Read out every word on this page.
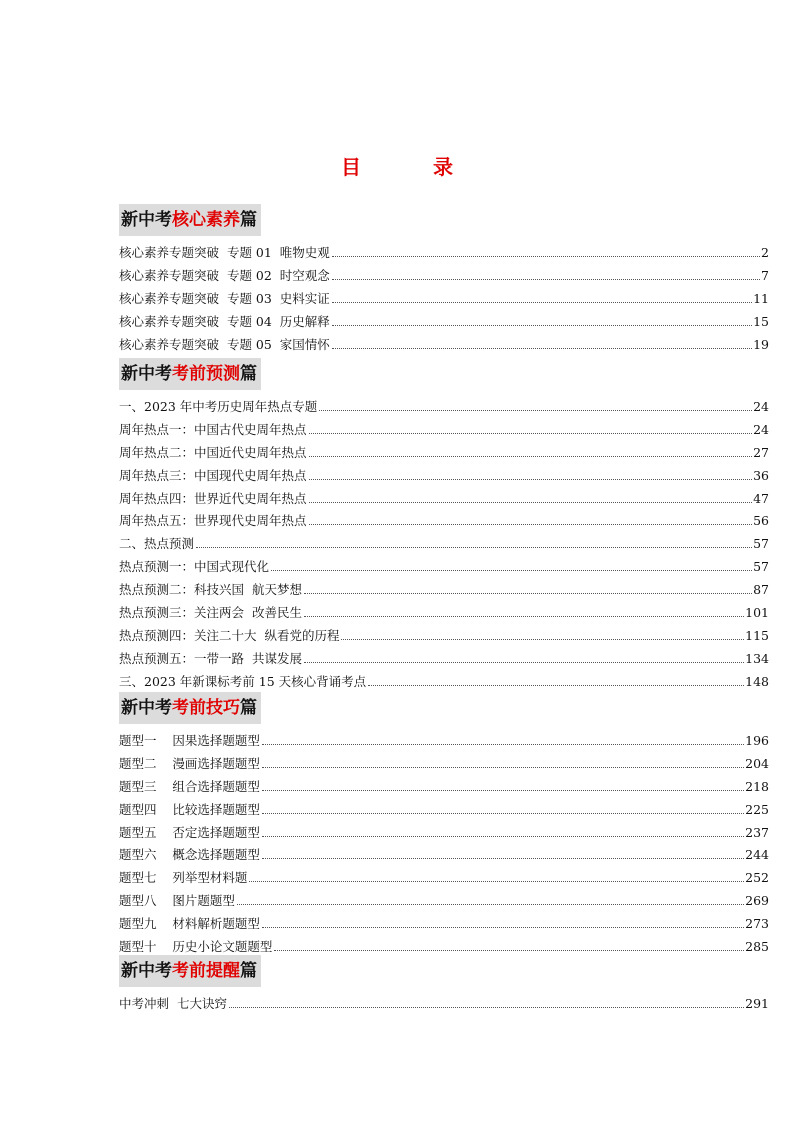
目　录
新中考核心素养篇
核心素养专题突破  专题 01  唯物史观	2
核心素养专题突破  专题 02  时空观念	7
核心素养专题突破  专题 03  史料实证	11
核心素养专题突破  专题 04  历史解释	15
核心素养专题突破  专题 05  家国情怀	19
新中考考前预测篇
一、2023 年中考历史周年热点专题	24
周年热点一：中国古代史周年热点	24
周年热点二：中国近代史周年热点	27
周年热点三：中国现代史周年热点	36
周年热点四：世界近代史周年热点	47
周年热点五：世界现代史周年热点	56
二、热点预测	57
热点预测一：中国式现代化	57
热点预测二：科技兴国  航天梦想	87
热点预测三：关注两会  改善民生	101
热点预测四：关注二十大  纵看党的历程	115
热点预测五：一带一路  共谋发展	134
三、2023 年新课标考前 15 天核心背诵考点	148
新中考考前技巧篇
题型一    因果选择题题型	196
题型二    漫画选择题题型	204
题型三    组合选择题题型	218
题型四    比较选择题题型	225
题型五    否定选择题题型	237
题型六    概念选择题题型	244
题型七    列举型材料题	252
题型八    图片题题型	269
题型九    材料解析题题型	273
题型十    历史小论文题题型	285
新中考考前提醒篇
中考冲刺  七大诀窍	291
